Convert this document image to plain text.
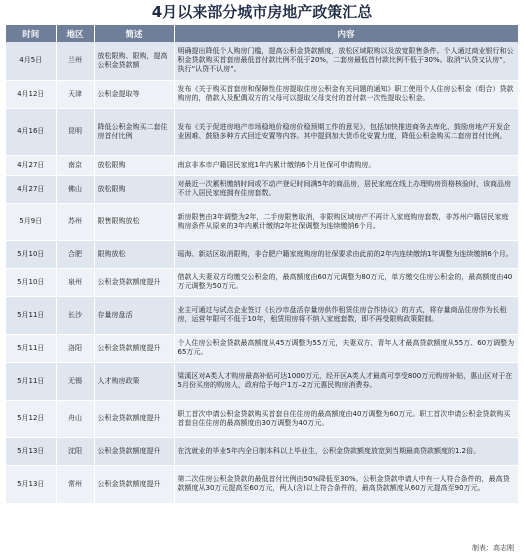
4月以来部分城市房地产政策汇总
时间	地区	简述	内容
4月5日	兰州	放松限购、限购，提高公积金贷款额	明确提出降低个人购房门槛，提高公积金贷款额度，放松区域限购以及放宽限售条件。个人通过商业银行和公积金贷款购买首套房最低首付款比例不低于20%，二套房最低首付款比例不低于30%。取消“认贷又认房”，执行“认贷不认房”。
4月12日	天津	公积金提取等	发布《关于购买首套房和保障性住房提取住房公积金有关问题的通知》职工使用个人住房公积金（组合）贷款购房的，借款人及配偶双方的父母可以提取父母支付的首付款一次性提取公积金。
4月16日	昆明	降低公积金购买二套住房首付比例	发布《关于促进房地产市场稳地价稳房价稳预期工作的意见》，包括加快推进商务去库化、鼓励房地产开发企业困难、鼓励多种方式回迁安置等内容。其中提到加大货币化安置力度，降低公积金购买二套房首付比例。
4月27日	南京	放松限购	南京非本市户籍居民家庭1年内累计缴纳6个月社保可申请购房。
4月27日	佛山	放松限购	对最近一次累积缴纳时间或不动产登记时间满5年的商品房，居民家庭在线上办理购房资格核验时，该商品房不计入居民家庭拥有住房套数。
5月9日	苏州	限售限购放松	新房限售由3年调整为2年，二手房限售取消，非限购区域房产不再计入家庭购房套数，非苏州户籍居民家庭购房条件从原来的3年内累计缴纳2年社保调整为连续缴纳6个月。
5月10日	合肥	限购放松	瑶海、新站区取消限购，非合肥户籍家庭购房的社保要求由此前的2年内连续缴纳1年调整为连续缴纳6个月。
5月10日	泉州	公积金贷款额度提升	借款人夫妻双方均缴交公积金的，最高额度由60万元调整为80万元，单方缴交住房公积金的，最高额度由40万元调整为50万元。
5月11日	长沙	存量房盘活	业主可通过与试点企业签订《长沙市盘活存量房供作租赁住房合作协议》的方式，将存量商品住房作为长租房，运营年限可不低于10年，租赁用房将不纳入家庭套数，即不再受限购政策限制。
5月11日	洛阳	公积金贷款额度提升	个人住房公积金贷款最高额度从45万调整为55万元，夫妻双方、青年人才最高贷款额度从55万、60万调整为65万元。
5月11日	无锡	人才购房政策	梁溪区对A类人才购房最高补贴可达1000万元，经开区A类人才最高可享受800万元购房补贴，惠山区对于在5月份买房的购房人，政府给予每户1万–2万元惠民购房消费券。
5月12日	舟山	公积金贷款额度提升	职工首次申请公积金贷款购买首套自住住房的最高额度由40万调整为60万元。职工首次申请公积金贷款购买首套自住住房的最高额度由30万调整为40万元。
5月13日	沈阳	公积金贷款额度提升	在沈就业的毕业5年内全日制本科以上毕业生，公积金贷款额度放宽到当期最高贷款额度的1.2倍。
5月13日	常州	公积金贷款额度提升	第二次住房公积金贷款的最低首付比例由50%降低至30%。公积金贷款申请人中有一人符合条件的，最高贷款额度从30万元提高至60万元，两人(含)以上符合条件的，最高贷款额度从60万元提高至90万元。
制表：高志刚
